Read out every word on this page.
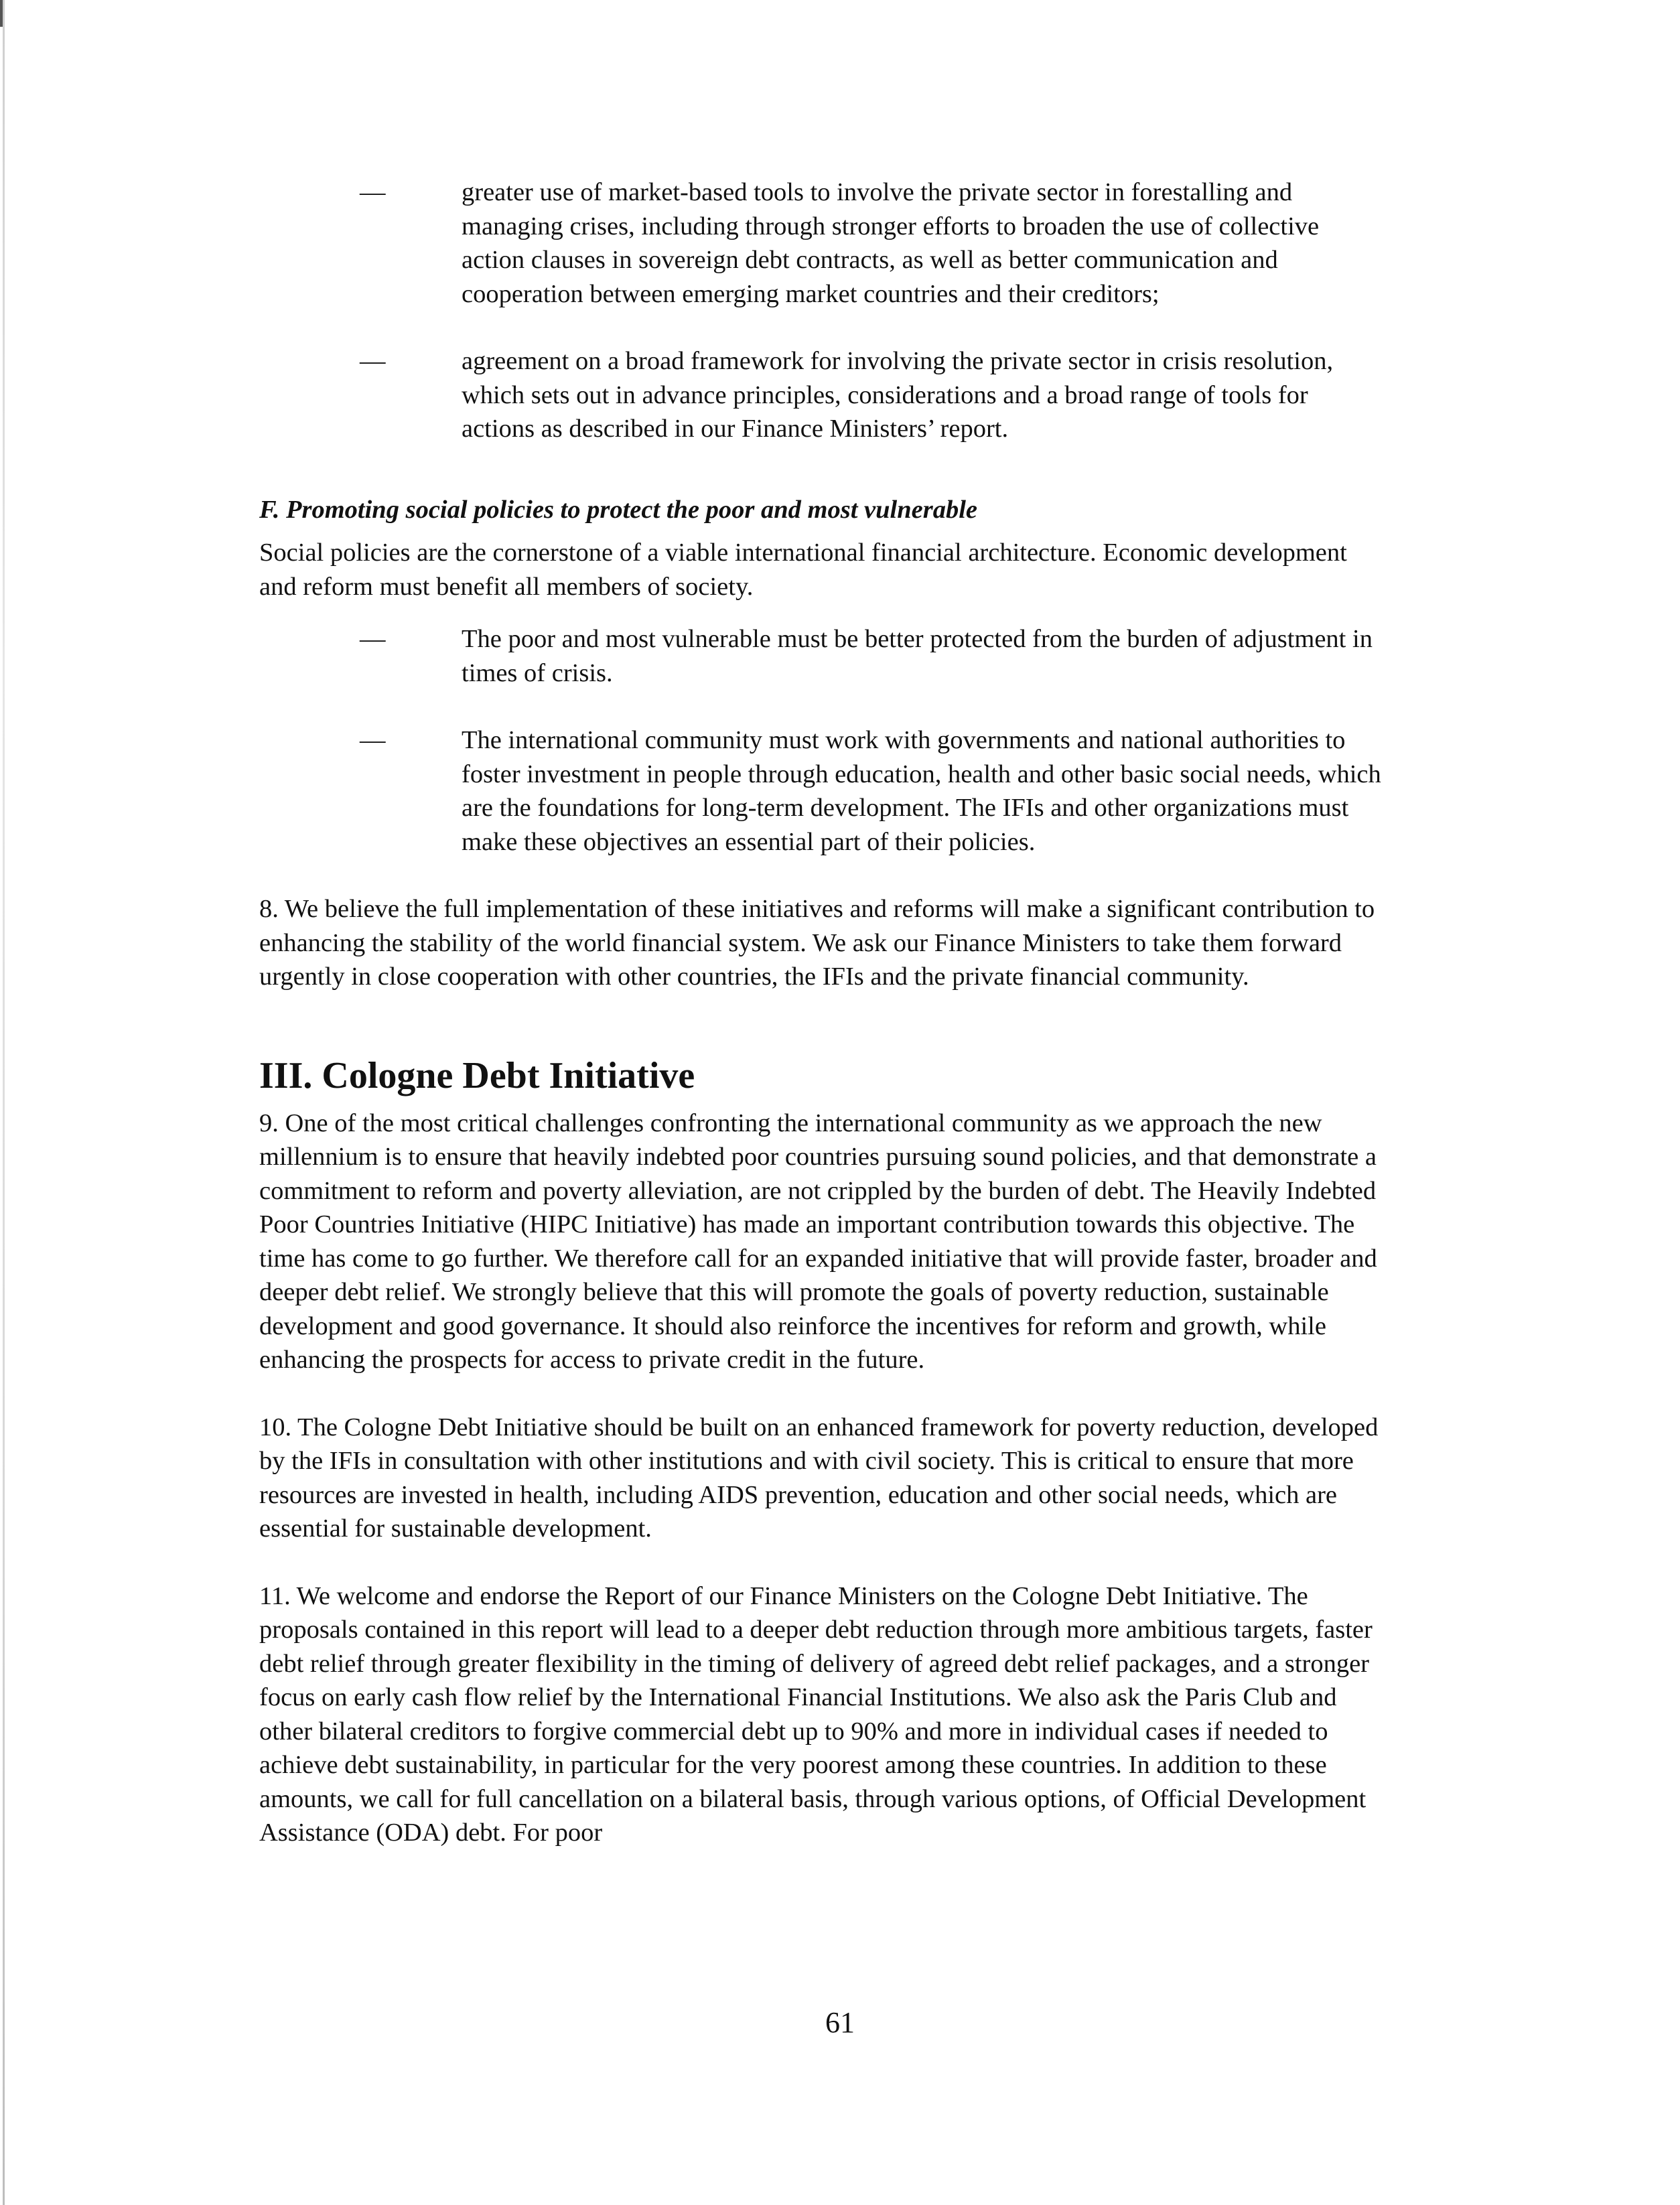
—	greater use of market-based tools to involve the private sector in forestalling and managing crises, including through stronger efforts to broaden the use of collective action clauses in sovereign debt contracts, as well as better communication and cooperation between emerging market countries and their creditors;

—	agreement on a broad framework for involving the private sector in crisis resolution, which sets out in advance principles, considerations and a broad range of tools for actions as described in our Finance Ministers’ report.

F. Promoting social policies to protect the poor and most vulnerable

Social policies are the cornerstone of a viable international financial architecture. Economic development and reform must benefit all members of society.

—	The poor and most vulnerable must be better protected from the burden of adjustment in times of crisis.

—	The international community must work with governments and national authorities to foster investment in people through education, health and other basic social needs, which are the foundations for long-term development. The IFIs and other organizations must make these objectives an essential part of their policies.

8. We believe the full implementation of these initiatives and reforms will make a significant contribution to enhancing the stability of the world financial system. We ask our Finance Ministers to take them forward urgently in close cooperation with other countries, the IFIs and the private financial community.

III. Cologne Debt Initiative

9. One of the most critical challenges confronting the international community as we approach the new millennium is to ensure that heavily indebted poor countries pursuing sound policies, and that demonstrate a commitment to reform and poverty alleviation, are not crippled by the burden of debt. The Heavily Indebted Poor Countries Initiative (HIPC Initiative) has made an important contribution towards this objective. The time has come to go further. We therefore call for an expanded initiative that will provide faster, broader and deeper debt relief. We strongly believe that this will promote the goals of poverty reduction, sustainable development and good governance. It should also reinforce the incentives for reform and growth, while enhancing the prospects for access to private credit in the future.

10. The Cologne Debt Initiative should be built on an enhanced framework for poverty reduction, developed by the IFIs in consultation with other institutions and with civil society. This is critical to ensure that more resources are invested in health, including AIDS prevention, education and other social needs, which are essential for sustainable development.

11. We welcome and endorse the Report of our Finance Ministers on the Cologne Debt Initiative. The proposals contained in this report will lead to a deeper debt reduction through more ambitious targets, faster debt relief through greater flexibility in the timing of delivery of agreed debt relief packages, and a stronger focus on early cash flow relief by the International Financial Institutions. We also ask the Paris Club and other bilateral creditors to forgive commercial debt up to 90% and more in individual cases if needed to achieve debt sustainability, in particular for the very poorest among these countries. In addition to these amounts, we call for full cancellation on a bilateral basis, through various options, of Official Development Assistance (ODA) debt. For poor

61
